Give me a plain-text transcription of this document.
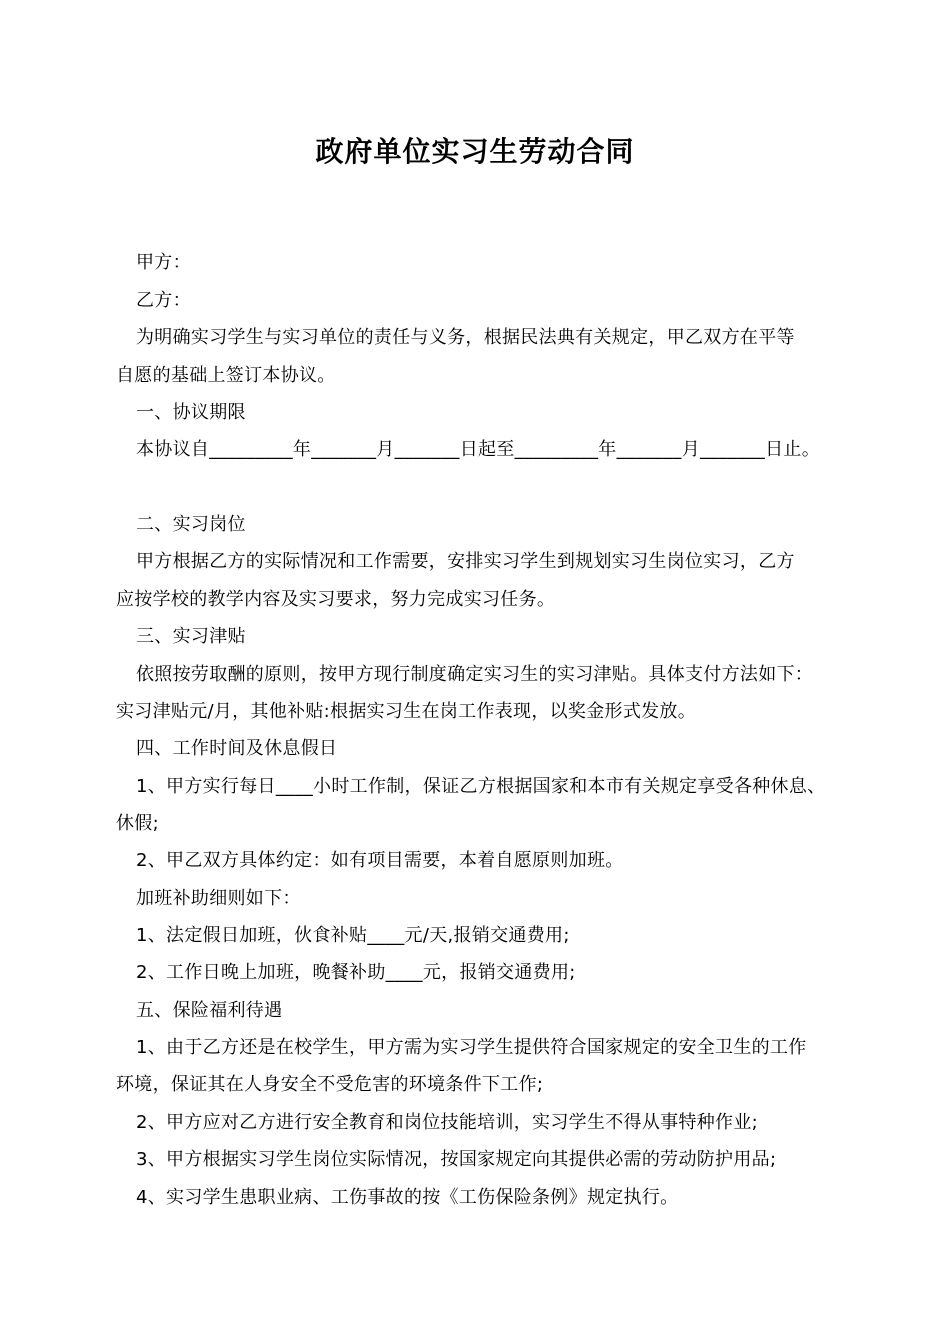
政府单位实习生劳动合同
甲方：
乙方：
为明确实习学生与实习单位的责任与义务，根据民法典有关规定，甲乙双方在平等
自愿的基础上签订本协议。
一、协议期限
本协议自_________年_______月_______日起至_________年_______月_______日止。
二、实习岗位
甲方根据乙方的实际情况和工作需要，安排实习学生到规划实习生岗位实习，乙方
应按学校的教学内容及实习要求，努力完成实习任务。
三、实习津贴
依照按劳取酬的原则，按甲方现行制度确定实习生的实习津贴。具体支付方法如下：
实习津贴元/月，其他补贴:根据实习生在岗工作表现，以奖金形式发放。
四、工作时间及休息假日
1、甲方实行每日____小时工作制，保证乙方根据国家和本市有关规定享受各种休息、
休假;
2、甲乙双方具体约定：如有项目需要，本着自愿原则加班。
加班补助细则如下：
1、法定假日加班，伙食补贴____元/天,报销交通费用;
2、工作日晚上加班，晚餐补助____元，报销交通费用;
五、保险福利待遇
1、由于乙方还是在校学生，甲方需为实习学生提供符合国家规定的安全卫生的工作
环境，保证其在人身安全不受危害的环境条件下工作;
2、甲方应对乙方进行安全教育和岗位技能培训，实习学生不得从事特种作业;
3、甲方根据实习学生岗位实际情况，按国家规定向其提供必需的劳动防护用品;
4、实习学生患职业病、工伤事故的按《工伤保险条例》规定执行。
